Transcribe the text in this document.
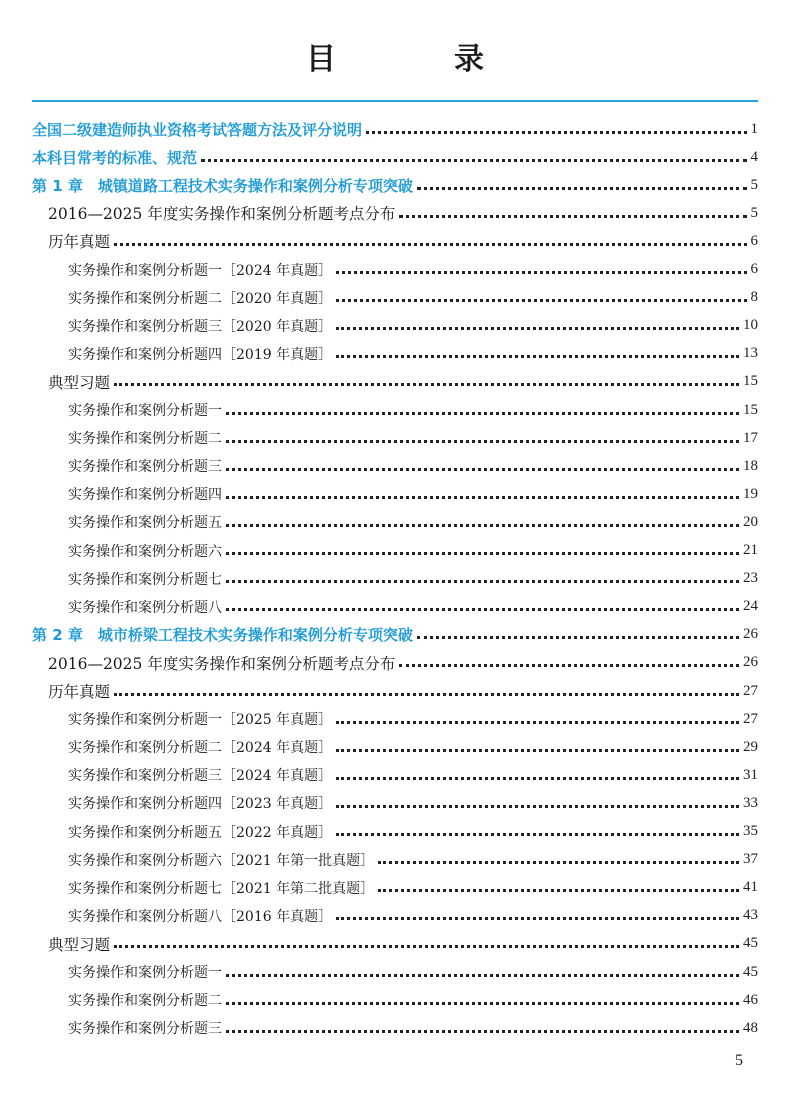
目　录
全国二级建造师执业资格考试答题方法及评分说明	1
本科目常考的标准、规范	4
第 1 章　城镇道路工程技术实务操作和案例分析专项突破	5
2016—2025 年度实务操作和案例分析题考点分布	5
历年真题	6
实务操作和案例分析题一［2024 年真题］	6
实务操作和案例分析题二［2020 年真题］	8
实务操作和案例分析题三［2020 年真题］	10
实务操作和案例分析题四［2019 年真题］	13
典型习题	15
实务操作和案例分析题一	15
实务操作和案例分析题二	17
实务操作和案例分析题三	18
实务操作和案例分析题四	19
实务操作和案例分析题五	20
实务操作和案例分析题六	21
实务操作和案例分析题七	23
实务操作和案例分析题八	24
第 2 章　城市桥梁工程技术实务操作和案例分析专项突破	26
2016—2025 年度实务操作和案例分析题考点分布	26
历年真题	27
实务操作和案例分析题一［2025 年真题］	27
实务操作和案例分析题二［2024 年真题］	29
实务操作和案例分析题三［2024 年真题］	31
实务操作和案例分析题四［2023 年真题］	33
实务操作和案例分析题五［2022 年真题］	35
实务操作和案例分析题六［2021 年第一批真题］	37
实务操作和案例分析题七［2021 年第二批真题］	41
实务操作和案例分析题八［2016 年真题］	43
典型习题	45
实务操作和案例分析题一	45
实务操作和案例分析题二	46
实务操作和案例分析题三	48
5
